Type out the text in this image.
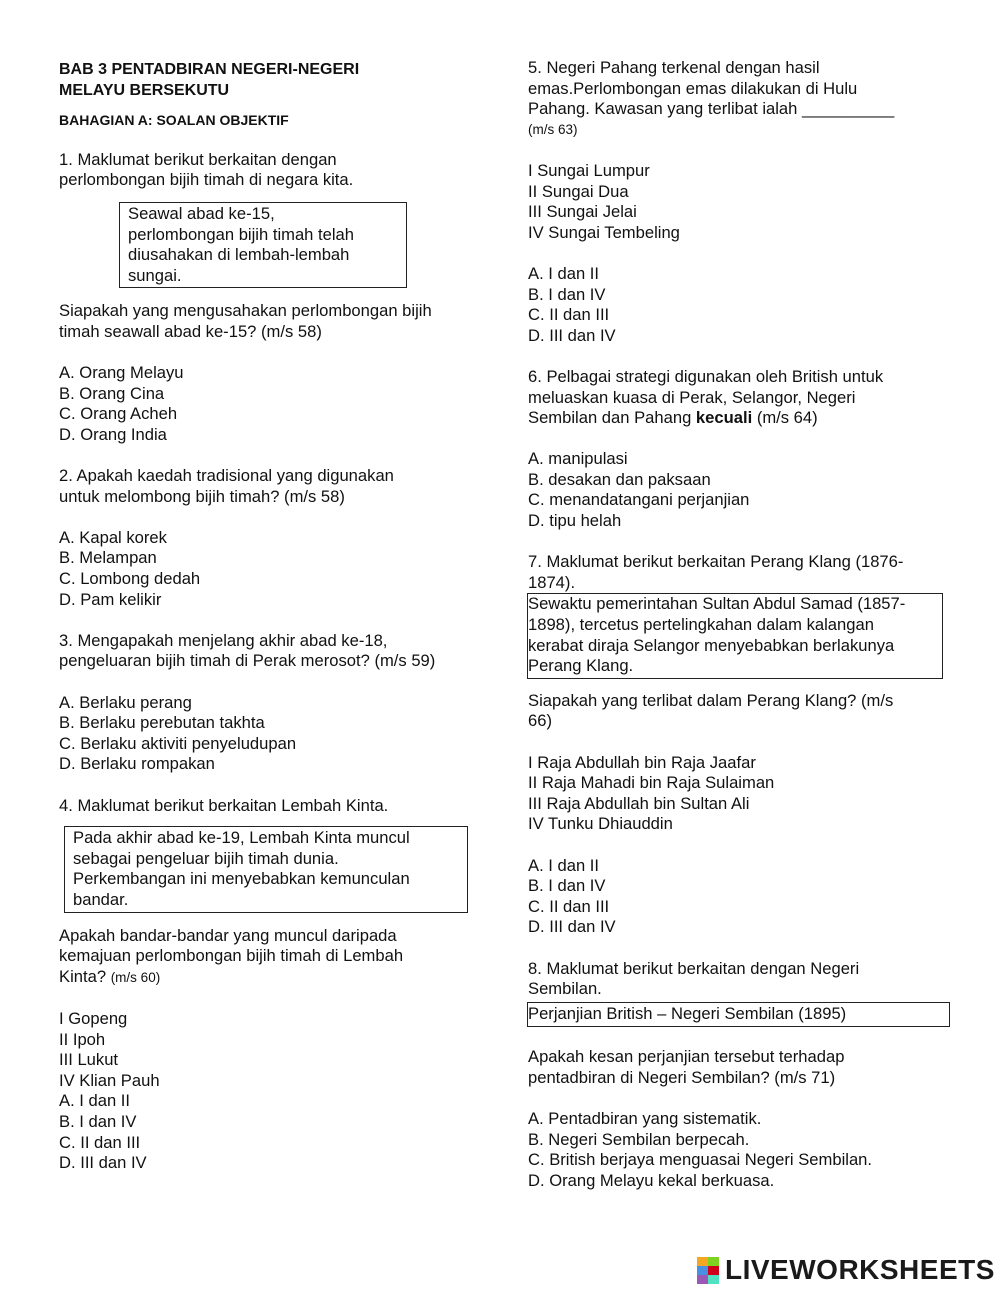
BAB 3 PENTADBIRAN NEGERI-NEGERI
MELAYU BERSEKUTU
BAHAGIAN A: SOALAN OBJEKTIF
1. Maklumat berikut berkaitan dengan
perlombongan bijih timah di negara kita.
Seawal abad ke-15,
perlombongan bijih timah telah
diusahakan di lembah-lembah
sungai.
Siapakah yang mengusahakan perlombongan bijih
timah seawall abad ke-15? (m/s 58)
A. Orang Melayu
B. Orang Cina
C. Orang Acheh
D. Orang India
2. Apakah kaedah tradisional yang digunakan
untuk melombong bijih timah? (m/s 58)
A. Kapal korek
B. Melampan
C. Lombong dedah
D. Pam kelikir
3. Mengapakah menjelang akhir abad ke-18,
pengeluaran bijih timah di Perak merosot? (m/s 59)
A. Berlaku perang
B. Berlaku perebutan takhta
C. Berlaku aktiviti penyeludupan
D. Berlaku rompakan
4. Maklumat berikut berkaitan Lembah Kinta.
Pada akhir abad ke-19, Lembah Kinta muncul
sebagai pengeluar bijih timah dunia.
Perkembangan ini menyebabkan kemunculan
bandar.
Apakah bandar-bandar yang muncul daripada
kemajuan perlombongan bijih timah di Lembah
Kinta? (m/s 60)
I Gopeng
II Ipoh
III Lukut
IV Klian Pauh
A. I dan II
B. I dan IV
C. II dan III
D. III dan IV
5. Negeri Pahang terkenal dengan hasil
emas.Perlombongan emas dilakukan di Hulu
Pahang. Kawasan yang terlibat ialah __________
(m/s 63)
I Sungai Lumpur
II Sungai Dua
III Sungai Jelai
IV Sungai Tembeling
A. I dan II
B. I dan IV
C. II dan III
D. III dan IV
6. Pelbagai strategi digunakan oleh British untuk
meluaskan kuasa di Perak, Selangor, Negeri
Sembilan dan Pahang kecuali (m/s 64)
A. manipulasi
B. desakan dan paksaan
C. menandatangani perjanjian
D. tipu helah
7. Maklumat berikut berkaitan Perang Klang (1876-
1874).
Sewaktu pemerintahan Sultan Abdul Samad (1857-
1898), tercetus pertelingkahan dalam kalangan
kerabat diraja Selangor menyebabkan berlakunya
Perang Klang.
Siapakah yang terlibat dalam Perang Klang? (m/s
66)
I Raja Abdullah bin Raja Jaafar
II Raja Mahadi bin Raja Sulaiman
III Raja Abdullah bin Sultan Ali
IV Tunku Dhiauddin
A. I dan II
B. I dan IV
C. II dan III
D. III dan IV
8. Maklumat berikut berkaitan dengan Negeri
Sembilan.
Perjanjian British – Negeri Sembilan (1895)
Apakah kesan perjanjian tersebut terhadap
pentadbiran di Negeri Sembilan? (m/s 71)
A. Pentadbiran yang sistematik.
B. Negeri Sembilan berpecah.
C. British berjaya menguasai Negeri Sembilan.
D. Orang Melayu kekal berkuasa.
LIVEWORKSHEETS
